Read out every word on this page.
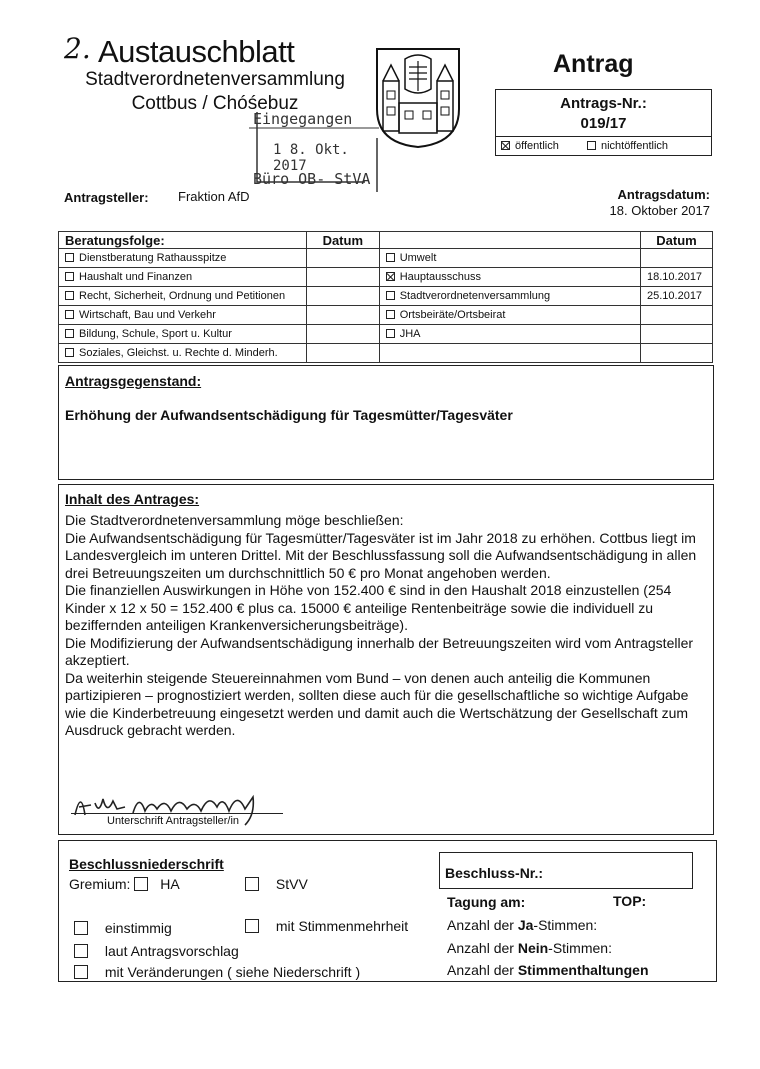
2. Austauschblatt
Stadtverordnetenversammlung
Cottbus / Chóśebuz
Eingegangen
1 8. Okt. 2017
Büro OB- StVA
Antrag
Antrags-Nr.:
019/17
öffentlich	nichtöffentlich
Antragsteller: Fraktion AfD	Antragsdatum:
18. Oktober 2017
Beratungsfolge:	Datum		Datum
Dienstberatung Rathausspitze		Umwelt	
Haushalt und Finanzen		Hauptausschuss	18.10.2017
Recht, Sicherheit, Ordnung und Petitionen		Stadtverordnetenversammlung	25.10.2017
Wirtschaft, Bau und Verkehr		Ortsbeiräte/Ortsbeirat	
Bildung, Schule, Sport u. Kultur		JHA	
Soziales, Gleichst. u. Rechte d. Minderh.			
Antragsgegenstand:
Erhöhung der Aufwandsentschädigung für Tagesmütter/Tagesväter
Inhalt des Antrages:

Die Stadtverordnetenversammlung möge beschließen:

Die Aufwandsentschädigung für Tagesmütter/Tagesväter ist im Jahr 2018 zu erhöhen. Cottbus liegt im Landesvergleich im unteren Drittel. Mit der Beschlussfassung soll die Aufwandsentschädigung in allen drei Betreuungszeiten um durchschnittlich 50 € pro Monat angehoben werden.

Die finanziellen Auswirkungen in Höhe von 152.400 € sind in den Haushalt 2018 einzustellen (254 Kinder x 12 x 50 = 152.400 € plus ca. 15000 € anteilige Rentenbeiträge sowie die individuell zu beziffernden anteiligen Krankenversicherungsbeiträge).

Die Modifizierung der Aufwandsentschädigung innerhalb der Betreuungszeiten wird vom Antragsteller akzeptiert.

Da weiterhin steigende Steuereinnahmen vom Bund – von denen auch anteilig die Kommunen partizipieren – prognostiziert werden, sollten diese auch für die gesellschaftliche so wichtige Aufgabe wie die Kinderbetreuung eingesetzt werden und damit auch die Wertschätzung der Gesellschaft zum Ausdruck gebracht werden.

Unterschrift Antragsteller/in
Beschlussniederschrift
Gremium: HA	StVV
einstimmig	mit Stimmenmehrheit
laut Antragsvorschlag
mit Veränderungen ( siehe Niederschrift )
Beschluss-Nr.:
Tagung am:	TOP:
Anzahl der Ja-Stimmen:
Anzahl der Nein-Stimmen:
Anzahl der Stimmenthaltungen
